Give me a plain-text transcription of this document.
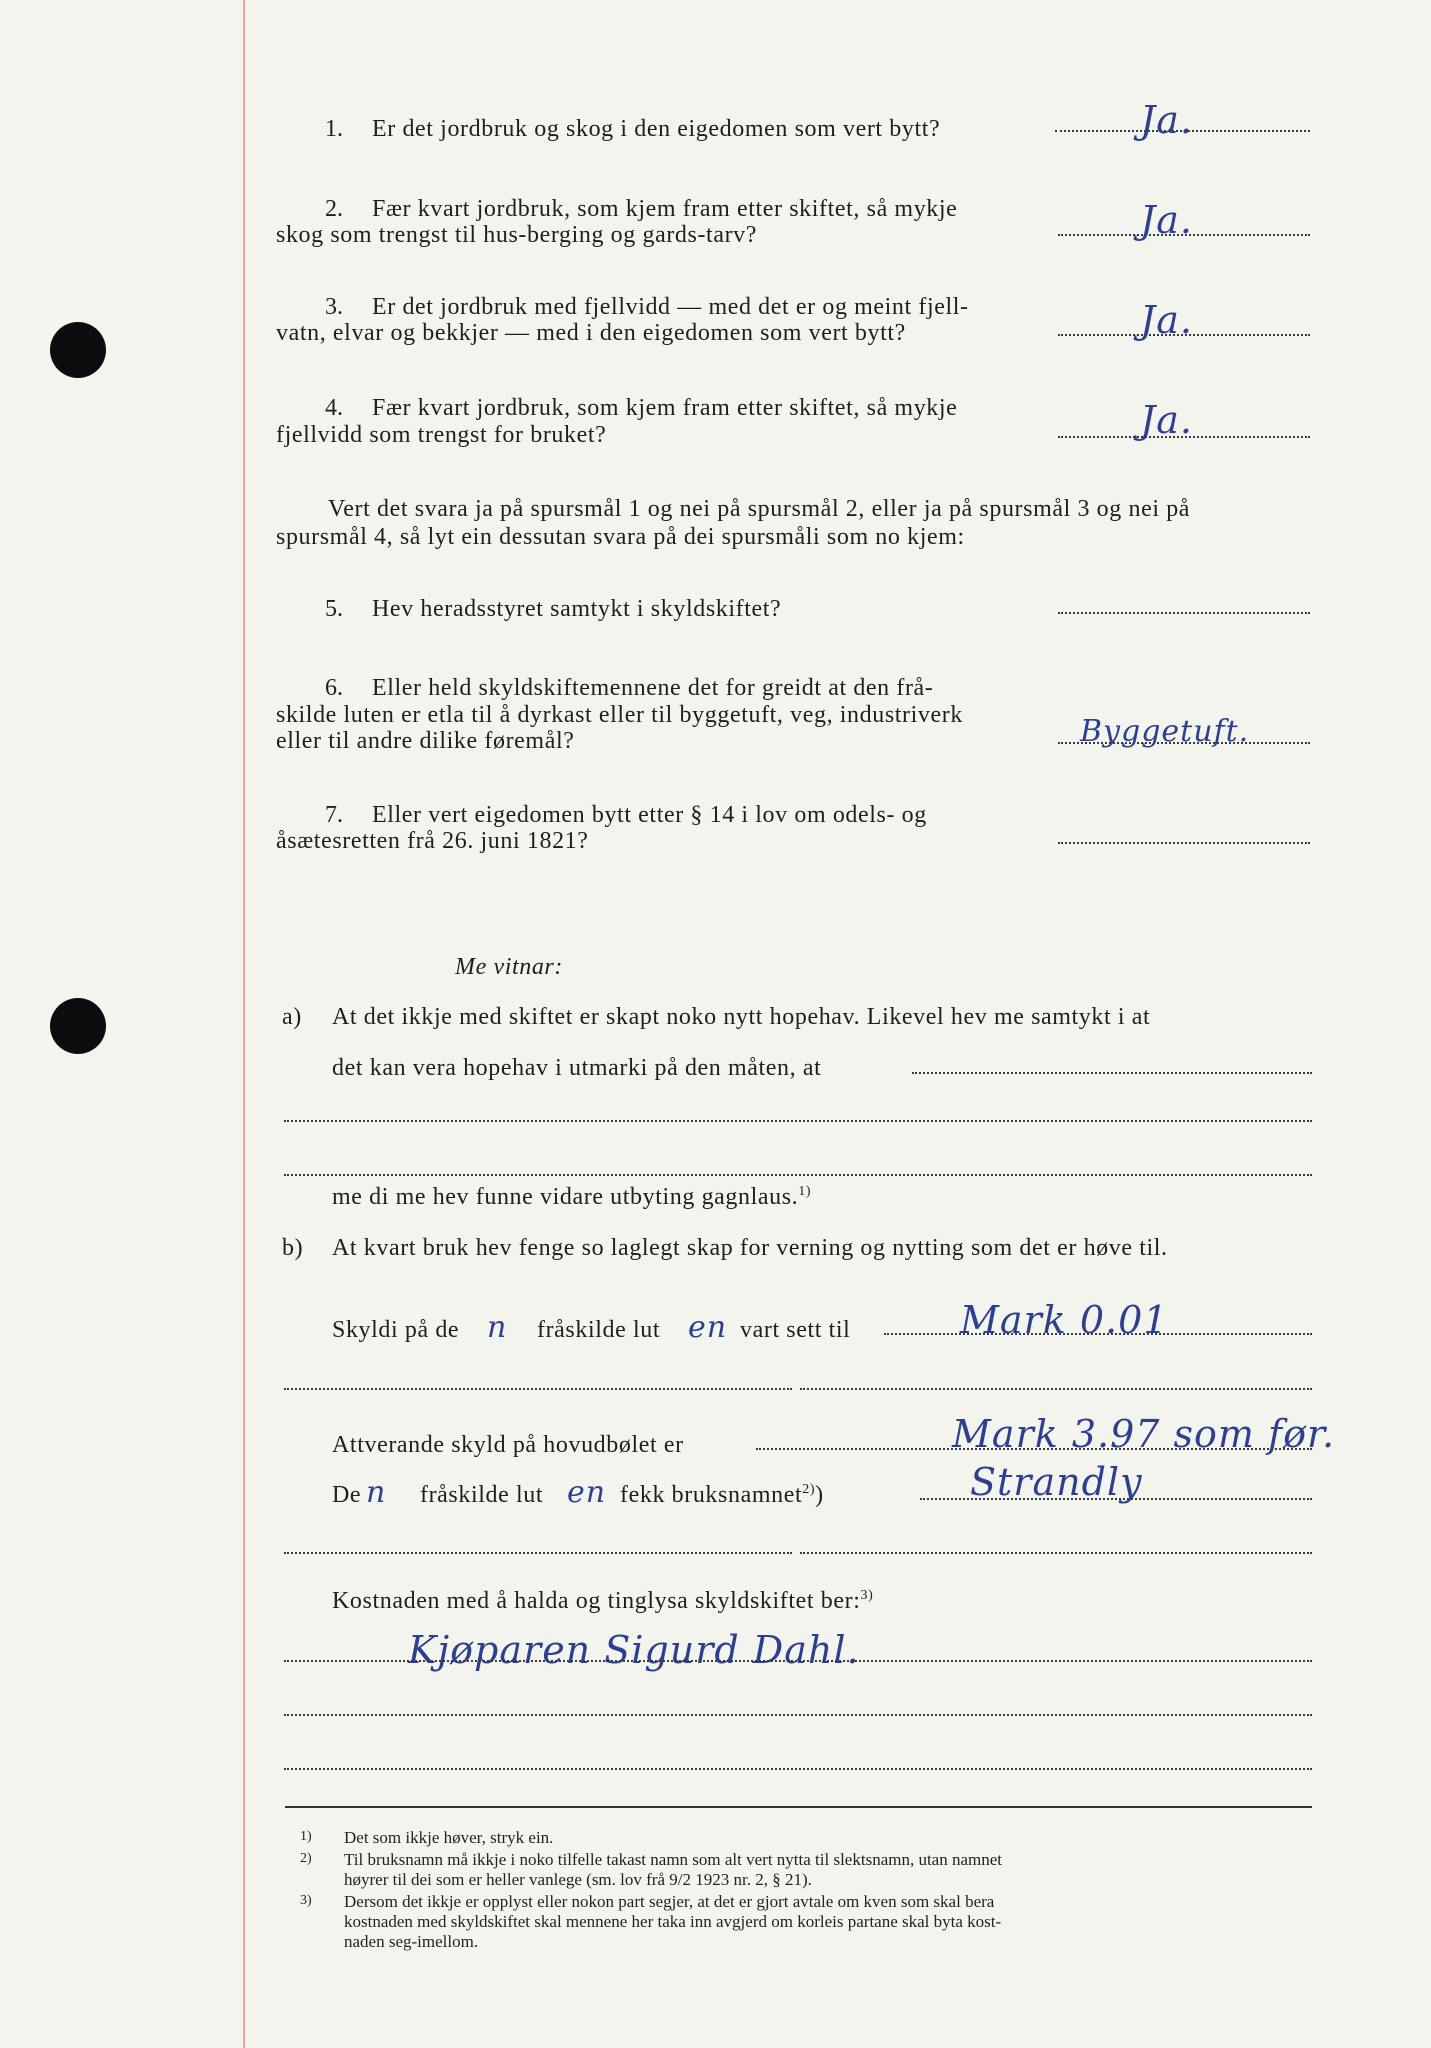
1. Er det jordbruk og skog i den eigedomen som vert bytt?	Ja.
2. Fær kvart jordbruk, som kjem fram etter skiftet, så mykje
skog som trengst til hus-berging og gards-tarv?	Ja.
3. Er det jordbruk med fjellvidd — med det er og meint fjell-
vatn, elvar og bekkjer — med i den eigedomen som vert bytt?	Ja.
4. Fær kvart jordbruk, som kjem fram etter skiftet, så mykje
fjellvidd som trengst for bruket?	Ja.
Vert det svara ja på spursmål 1 og nei på spursmål 2, eller ja på spursmål 3 og nei på
spursmål 4, så lyt ein dessutan svara på dei spursmåli som no kjem:
5. Hev heradsstyret samtykt i skyldskiftet?
6. Eller held skyldskiftemennene det for greidt at den frå-
skilde luten er etla til å dyrkast eller til byggetuft, veg, industriverk
eller til andre dilike føremål?	Byggetuft.
7. Eller vert eigedomen bytt etter § 14 i lov om odels- og
åsætesretten frå 26. juni 1821?
Me vitnar:
a) At det ikkje med skiftet er skapt noko nytt hopehav. Likevel hev me samtykt i at
det kan vera hopehav i utmarki på den måten, at
me di me hev funne vidare utbyting gagnlaus.$^{1)}$
b) At kvart bruk hev fenge so laglegt skap for verning og nytting som det er høve til.
Skyldi på de n fråskilde lut en vart sett til	Mark 0.01
Attverande skyld på hovudbølet er	Mark 3.97 som før.
De n fråskilde lut en fekk bruksnamnet$^{2)}$)	Strandly
Kostnaden med å halda og tinglysa skyldskiftet ber:$^{3)}$
Kjøparen Sigurd Dahl.
1) Det som ikkje høver, stryk ein.
2) Til bruksnamn må ikkje i noko tilfelle takast namn som alt vert nytta til slektsnamn, utan namnet
høyrer til dei som er heller vanlege (sm. lov frå 9/2 1923 nr. 2, § 21).
3) Dersom det ikkje er opplyst eller nokon part segjer, at det er gjort avtale om kven som skal bera
kostnaden med skyldskiftet skal mennene her taka inn avgjerd om korleis partane skal byta kost-
naden seg-imellom.
